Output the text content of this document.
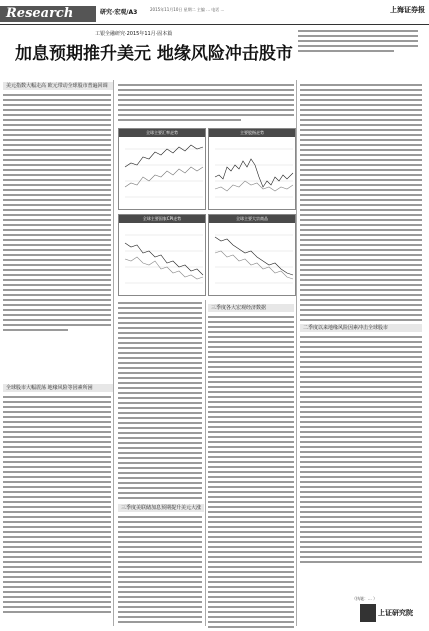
Research	研究·宏观/A3	2015年11月10日 星期二 主编 ... 电话 ...	上海证券报
工银全融研究·2015年11月·固本篇
加息预期推升美元 地缘风险冲击股市
美元指数大幅走高 欧元带动全球股市普遍回调
全球股市大幅震荡 地缘风险等因素所困
全球主要汇率走势	主要股指走势
全球主要国家CPI走势	全球主要大宗商品
三季度美联储加息预期提升美元大涨
三季度各大宏观经济数据
二季度以来地缘风险因素冲击全球股市
（执笔：... ）
上证研究院
